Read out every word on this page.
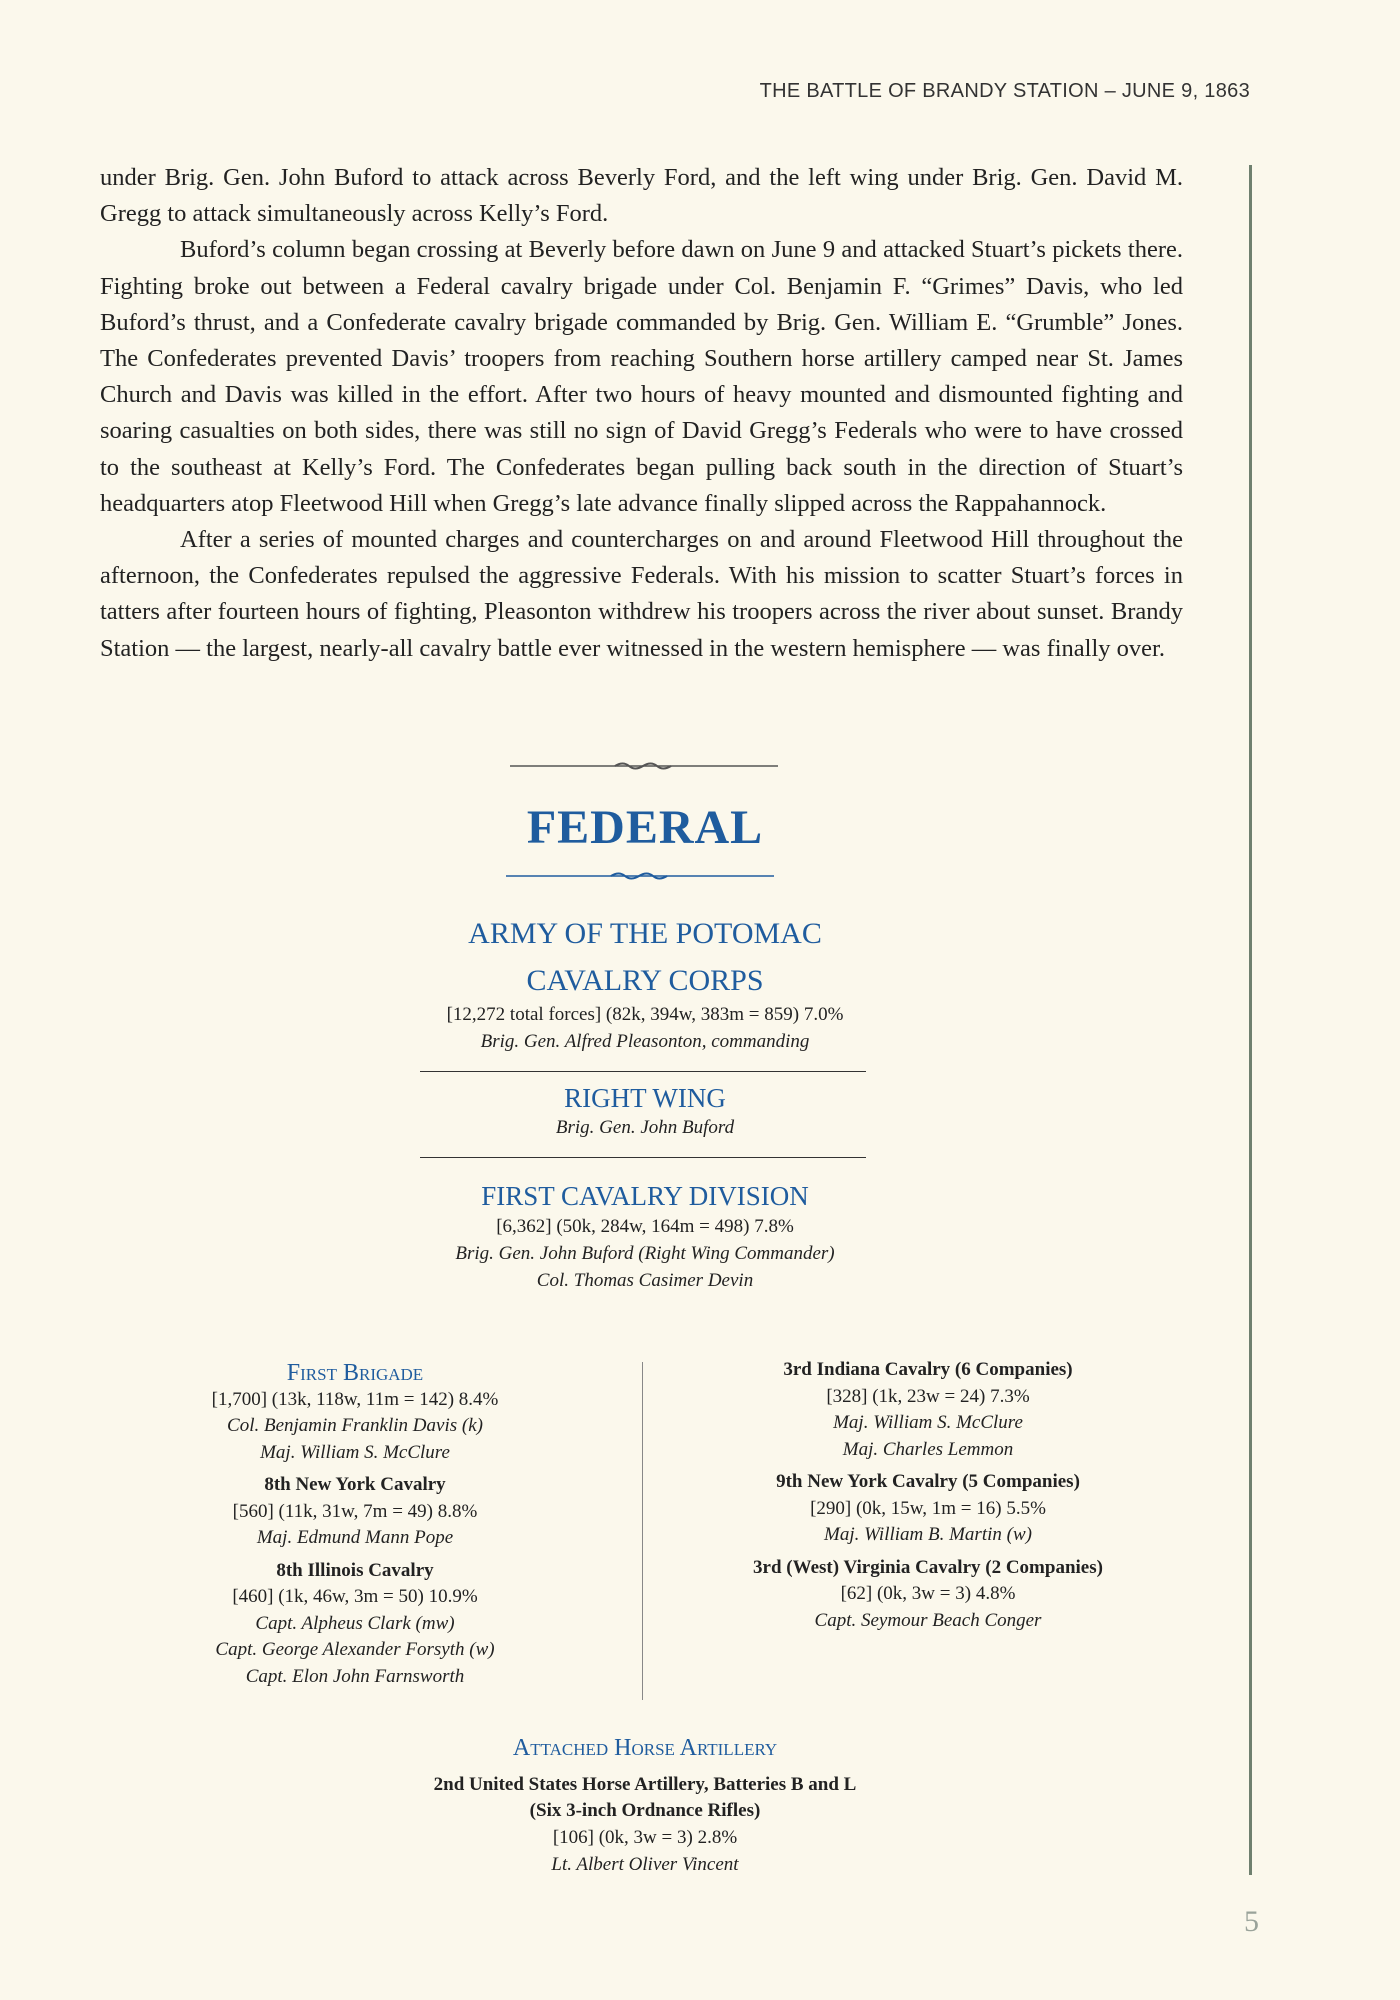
THE BATTLE OF BRANDY STATION – JUNE 9, 1863

under Brig. Gen. John Buford to attack across Beverly Ford, and the left wing under Brig. Gen. David M. Gregg to attack simultaneously across Kelly’s Ford.

Buford’s column began crossing at Beverly before dawn on June 9 and attacked Stuart’s pickets there. Fighting broke out between a Federal cavalry brigade under Col. Benjamin F. “Grimes” Davis, who led Buford’s thrust, and a Confederate cavalry brigade commanded by Brig. Gen. William E. “Grumble” Jones. The Confederates prevented Davis’ troopers from reaching Southern horse artillery camped near St. James Church and Davis was killed in the effort. After two hours of heavy mounted and dismounted fighting and soaring casualties on both sides, there was still no sign of David Gregg’s Federals who were to have crossed to the southeast at Kelly’s Ford. The Confederates began pulling back south in the direction of Stuart’s headquarters atop Fleetwood Hill when Gregg’s late advance finally slipped across the Rappahannock.

After a series of mounted charges and countercharges on and around Fleetwood Hill throughout the afternoon, the Confederates repulsed the aggressive Federals. With his mission to scatter Stuart’s forces in tatters after fourteen hours of fighting, Pleasonton withdrew his troopers across the river about sunset. Brandy Station — the largest, nearly-all cavalry battle ever witnessed in the western hemisphere — was finally over.

FEDERAL
ARMY OF THE POTOMAC
CAVALRY CORPS
[12,272 total forces] (82k, 394w, 383m = 859) 7.0%
Brig. Gen. Alfred Pleasonton, commanding
RIGHT WING
Brig. Gen. John Buford
FIRST CAVALRY DIVISION
[6,362] (50k, 284w, 164m = 498) 7.8%
Brig. Gen. John Buford (Right Wing Commander)
Col. Thomas Casimer Devin
First Brigade
[1,700] (13k, 118w, 11m = 142) 8.4%
Col. Benjamin Franklin Davis (k)
Maj. William S. McClure
8th New York Cavalry
[560] (11k, 31w, 7m = 49) 8.8%
Maj. Edmund Mann Pope
8th Illinois Cavalry
[460] (1k, 46w, 3m = 50) 10.9%
Capt. Alpheus Clark (mw)
Capt. George Alexander Forsyth (w)
Capt. Elon John Farnsworth
3rd Indiana Cavalry (6 Companies)
[328] (1k, 23w = 24) 7.3%
Maj. William S. McClure
Maj. Charles Lemmon
9th New York Cavalry (5 Companies)
[290] (0k, 15w, 1m = 16) 5.5%
Maj. William B. Martin (w)
3rd (West) Virginia Cavalry (2 Companies)
[62] (0k, 3w = 3) 4.8%
Capt. Seymour Beach Conger
Attached Horse Artillery
2nd United States Horse Artillery, Batteries B and L
(Six 3-inch Ordnance Rifles)
[106] (0k, 3w = 3) 2.8%
Lt. Albert Oliver Vincent
5
